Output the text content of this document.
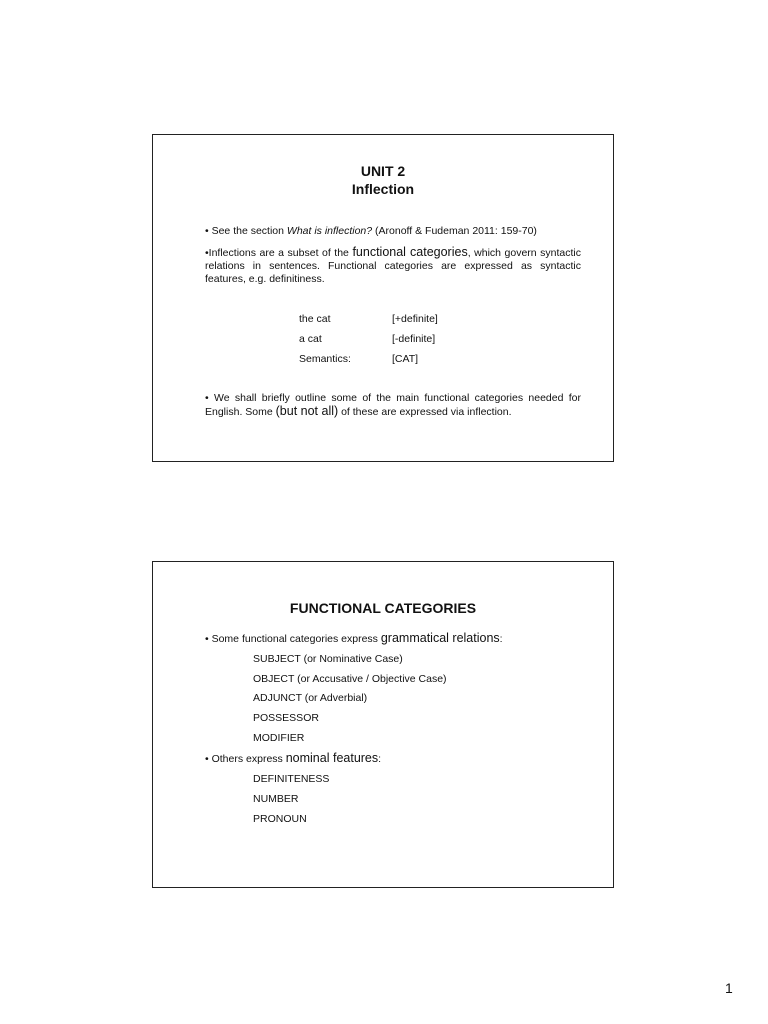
UNIT 2
Inflection
• See the section What is inflection? (Aronoff & Fudeman 2011: 159-70)
•Inflections are a subset of the functional categories, which govern syntactic relations in sentences. Functional categories are expressed as syntactic features, e.g. definitiness.
the cat	[+definite]
a cat	[-definite]
Semantics:	[CAT]
• We shall briefly outline some of the main functional categories needed for English. Some (but not all) of these are expressed via inflection.
FUNCTIONAL CATEGORIES
• Some functional categories express grammatical relations:
SUBJECT (or Nominative Case)
OBJECT (or Accusative / Objective Case)
ADJUNCT (or Adverbial)
POSSESSOR
MODIFIER
• Others express nominal features:
DEFINITENESS
NUMBER
PRONOUN
1
